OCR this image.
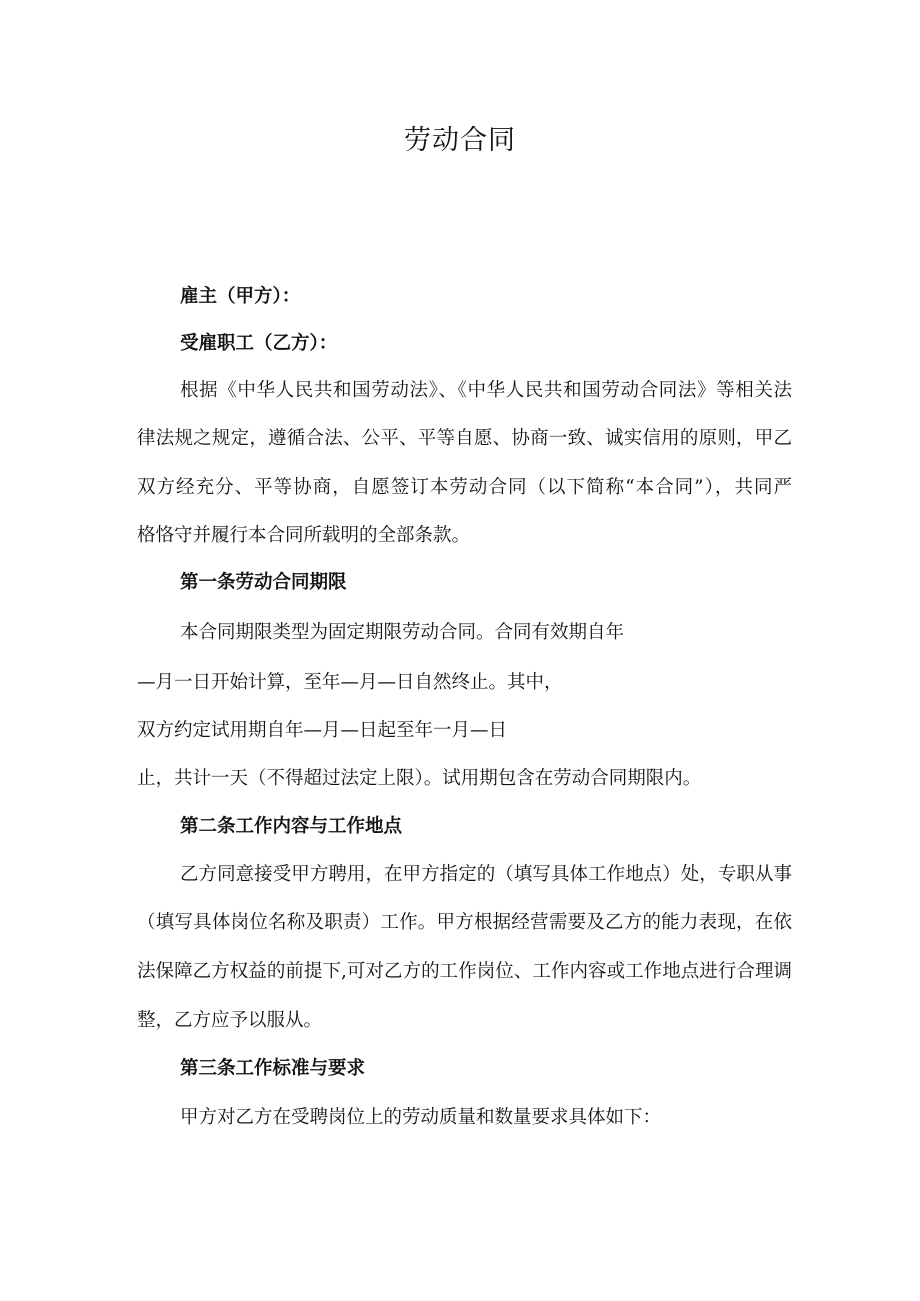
劳动合同
雇主（甲方）：
受雇职工（乙方）：
根据《中华人民共和国劳动法》、《中华人民共和国劳动合同法》等相关法
律法规之规定，遵循合法、公平、平等自愿、协商一致、诚实信用的原则，甲乙
双方经充分、平等协商，自愿签订本劳动合同（以下简称“本合同”），共同严
格恪守并履行本合同所载明的全部条款。
第一条劳动合同期限
本合同期限类型为固定期限劳动合同。合同有效期自年
—月一日开始计算，至年—月—日自然终止。其中，
双方约定试用期自年—月—日起至年一月—日
止，共计一天（不得超过法定上限）。试用期包含在劳动合同期限内。
第二条工作内容与工作地点
乙方同意接受甲方聘用，在甲方指定的（填写具体工作地点）处，专职从事
（填写具体岗位名称及职责）工作。甲方根据经营需要及乙方的能力表现，在依
法保障乙方权益的前提下,可对乙方的工作岗位、工作内容或工作地点进行合理调
整，乙方应予以服从。
第三条工作标准与要求
甲方对乙方在受聘岗位上的劳动质量和数量要求具体如下：
